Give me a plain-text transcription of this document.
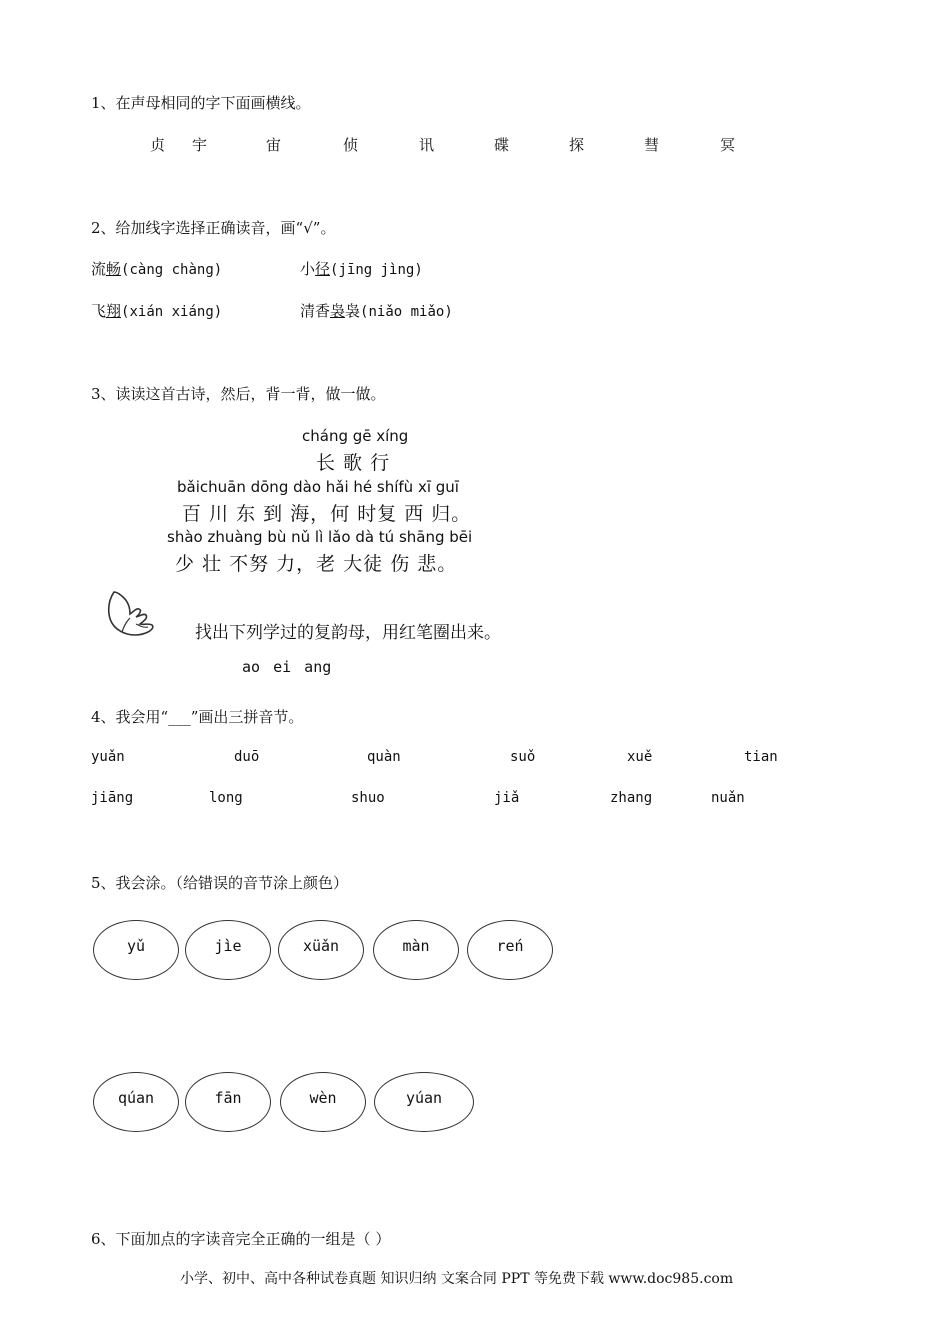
1、在声母相同的字下面画横线。
贞 宇	宙	侦	讯	碟	探	彗	冥
2、给加线字选择正确读音，画“√”。
流畅(càng chàng)	小径(jīng jìng)
飞翔(xián xiáng)	清香袅袅(niǎo miǎo)
3、读读这首古诗，然后，背一背，做一做。
cháng gē xíng
长 歌 行
bǎichuān dōng dào hǎi hé shífù xī guī
百 川 东 到 海，何 时复 西 归。
shào zhuàng bù nǔ lì lǎo dà tú shāng bēi
少 壮 不努 力，老 大徒 伤 悲。
找出下列学过的复韵母，用红笔圈出来。
ao ei ang
4、我会用“___”画出三拼音节。
yuǎn	duō	quàn	suǒ	xuě	tian
jiāng	long	shuo	jiǎ	zhang	nuǎn
5、我会涂。（给错误的音节涂上颜色）
yǔ	jìe	xüǎn	màn	reń
qúan	fān	wèn	yúan
6、下面加点的字读音完全正确的一组是（ ）
小学、初中、高中各种试卷真题 知识归纳 文案合同 PPT 等免费下载 www.doc985.com
